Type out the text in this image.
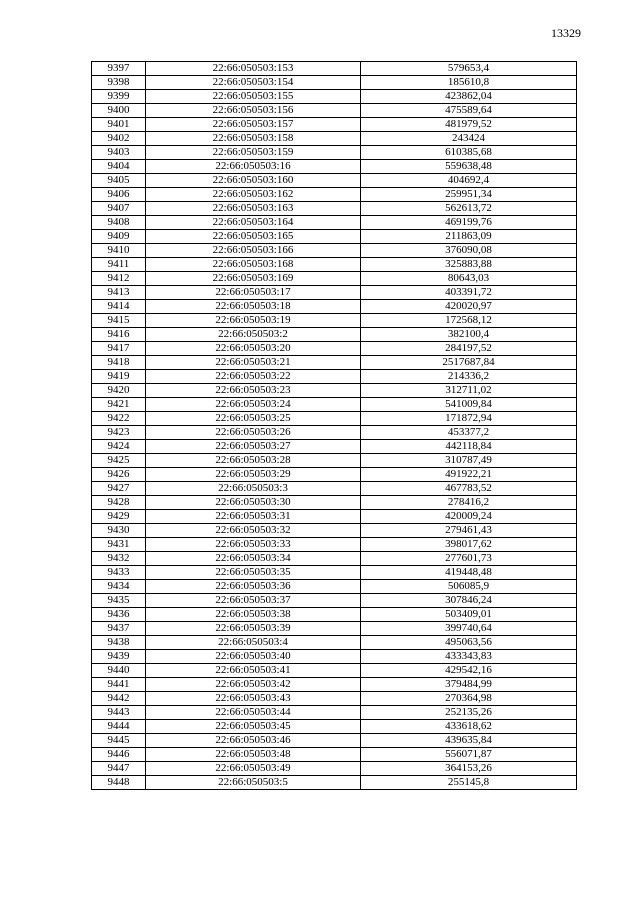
13329
9397	22:66:050503:153	579653,4
9398	22:66:050503:154	185610,8
9399	22:66:050503:155	423862,04
9400	22:66:050503:156	475589,64
9401	22:66:050503:157	481979,52
9402	22:66:050503:158	243424
9403	22:66:050503:159	610385,68
9404	22:66:050503:16	559638,48
9405	22:66:050503:160	404692,4
9406	22:66:050503:162	259951,34
9407	22:66:050503:163	562613,72
9408	22:66:050503:164	469199,76
9409	22:66:050503:165	211863,09
9410	22:66:050503:166	376090,08
9411	22:66:050503:168	325883,88
9412	22:66:050503:169	80643,03
9413	22:66:050503:17	403391,72
9414	22:66:050503:18	420020,97
9415	22:66:050503:19	172568,12
9416	22:66:050503:2	382100,4
9417	22:66:050503:20	284197,52
9418	22:66:050503:21	2517687,84
9419	22:66:050503:22	214336,2
9420	22:66:050503:23	312711,02
9421	22:66:050503:24	541009,84
9422	22:66:050503:25	171872,94
9423	22:66:050503:26	453377,2
9424	22:66:050503:27	442118,84
9425	22:66:050503:28	310787,49
9426	22:66:050503:29	491922,21
9427	22:66:050503:3	467783,52
9428	22:66:050503:30	278416,2
9429	22:66:050503:31	420009,24
9430	22:66:050503:32	279461,43
9431	22:66:050503:33	398017,62
9432	22:66:050503:34	277601,73
9433	22:66:050503:35	419448,48
9434	22:66:050503:36	506085,9
9435	22:66:050503:37	307846,24
9436	22:66:050503:38	503409,01
9437	22:66:050503:39	399740,64
9438	22:66:050503:4	495063,56
9439	22:66:050503:40	433343,83
9440	22:66:050503:41	429542,16
9441	22:66:050503:42	379484,99
9442	22:66:050503:43	270364,98
9443	22:66:050503:44	252135,26
9444	22:66:050503:45	433618,62
9445	22:66:050503:46	439635,84
9446	22:66:050503:48	556071,87
9447	22:66:050503:49	364153,26
9448	22:66:050503:5	255145,8
